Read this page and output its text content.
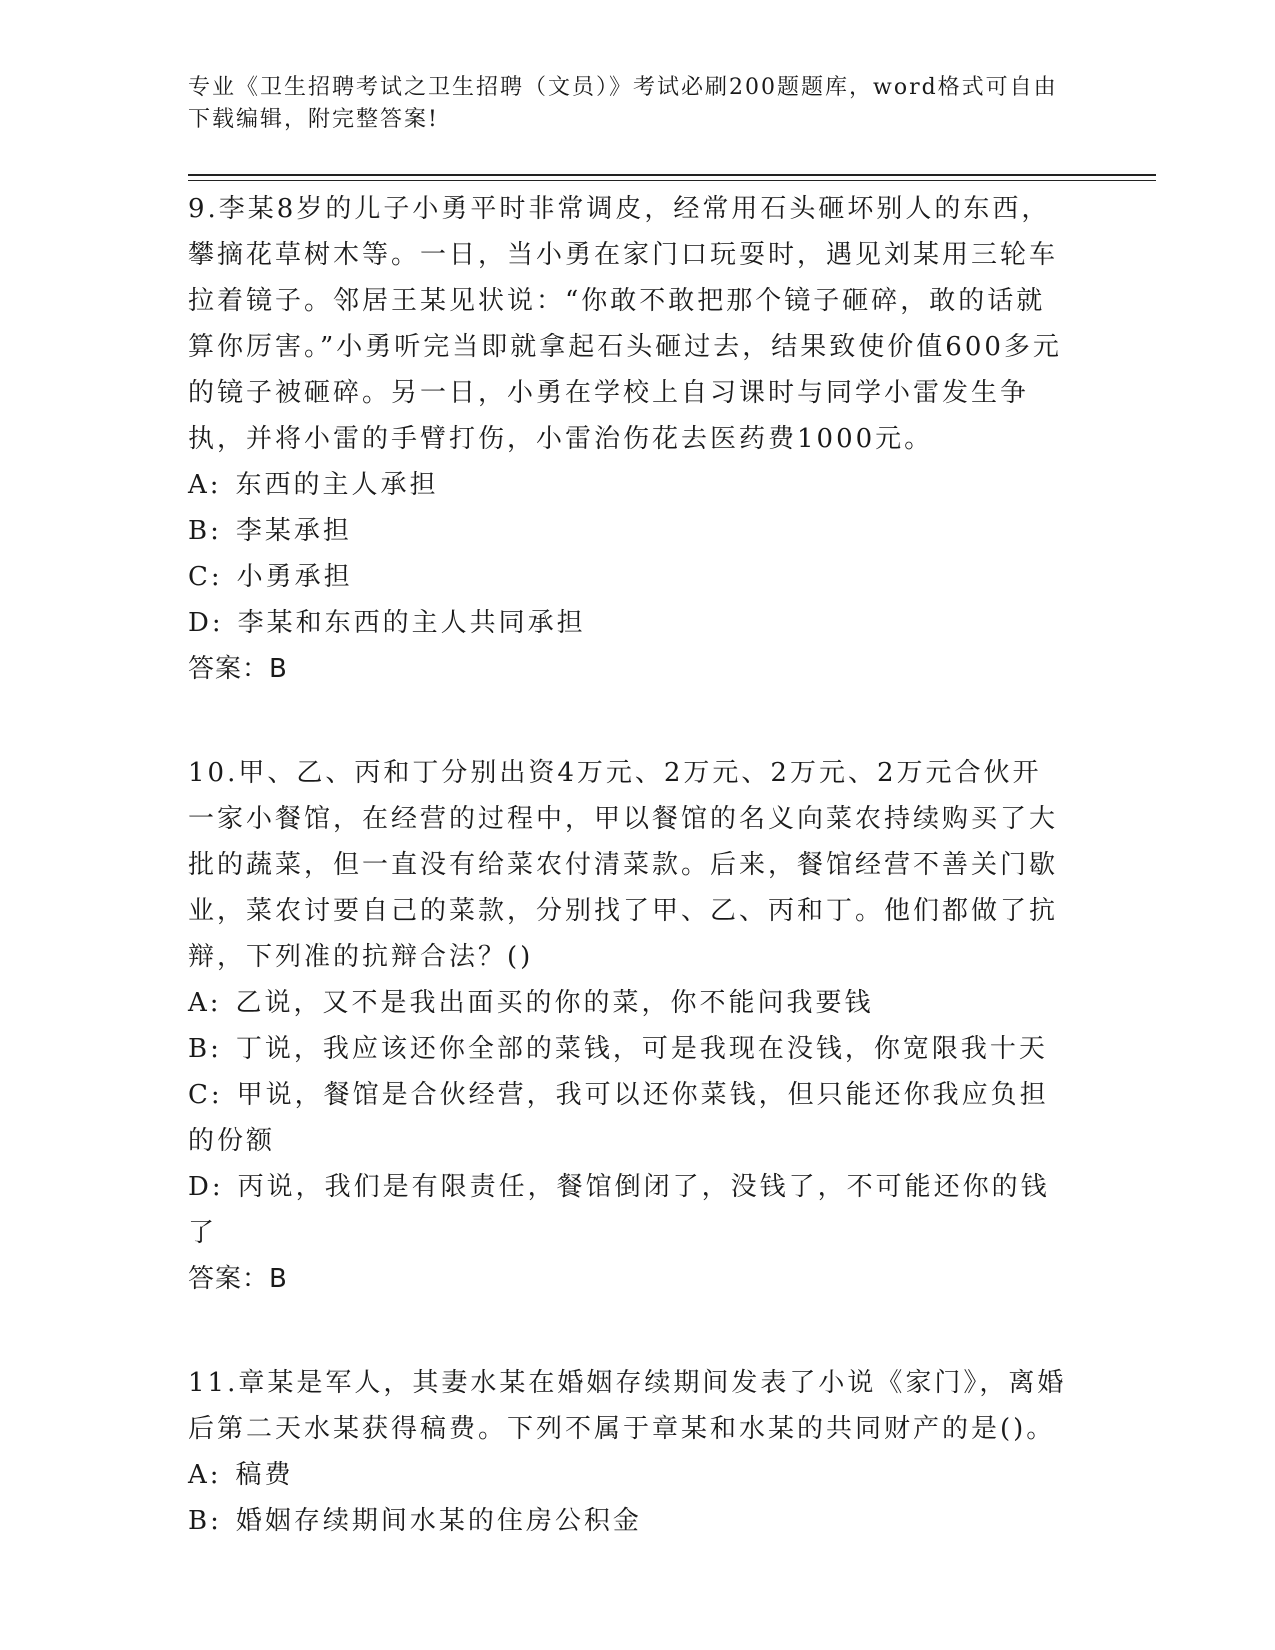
专业《卫生招聘考试之卫生招聘（文员）》考试必刷200题题库，word格式可自由下载编辑，附完整答案!

9.李某8岁的儿子小勇平时非常调皮，经常用石头砸坏别人的东西，攀摘花草树木等。一日，当小勇在家门口玩耍时，遇见刘某用三轮车拉着镜子。邻居王某见状说：“你敢不敢把那个镜子砸碎，敢的话就算你厉害。”小勇听完当即就拿起石头砸过去，结果致使价值600多元的镜子被砸碎。另一日，小勇在学校上自习课时与同学小雷发生争执，并将小雷的手臂打伤，小雷治伤花去医药费1000元。

A: 东西的主人承担

B: 李某承担

C: 小勇承担

D: 李某和东西的主人共同承担

答案：B

10.甲、乙、丙和丁分别出资4万元、2万元、2万元、2万元合伙开一家小餐馆，在经营的过程中，甲以餐馆的名义向菜农持续购买了大批的蔬菜，但一直没有给菜农付清菜款。后来，餐馆经营不善关门歇业，菜农讨要自己的菜款，分别找了甲、乙、丙和丁。他们都做了抗辩，下列准的抗辩合法？()

A: 乙说，又不是我出面买的你的菜，你不能问我要钱

B: 丁说，我应该还你全部的菜钱，可是我现在没钱，你宽限我十天

C: 甲说，餐馆是合伙经营，我可以还你菜钱，但只能还你我应负担的份额

D: 丙说，我们是有限责任，餐馆倒闭了，没钱了，不可能还你的钱了

答案：B

11.章某是军人，其妻水某在婚姻存续期间发表了小说《家门》，离婚后第二天水某获得稿费。下列不属于章某和水某的共同财产的是()。

A: 稿费

B: 婚姻存续期间水某的住房公积金
